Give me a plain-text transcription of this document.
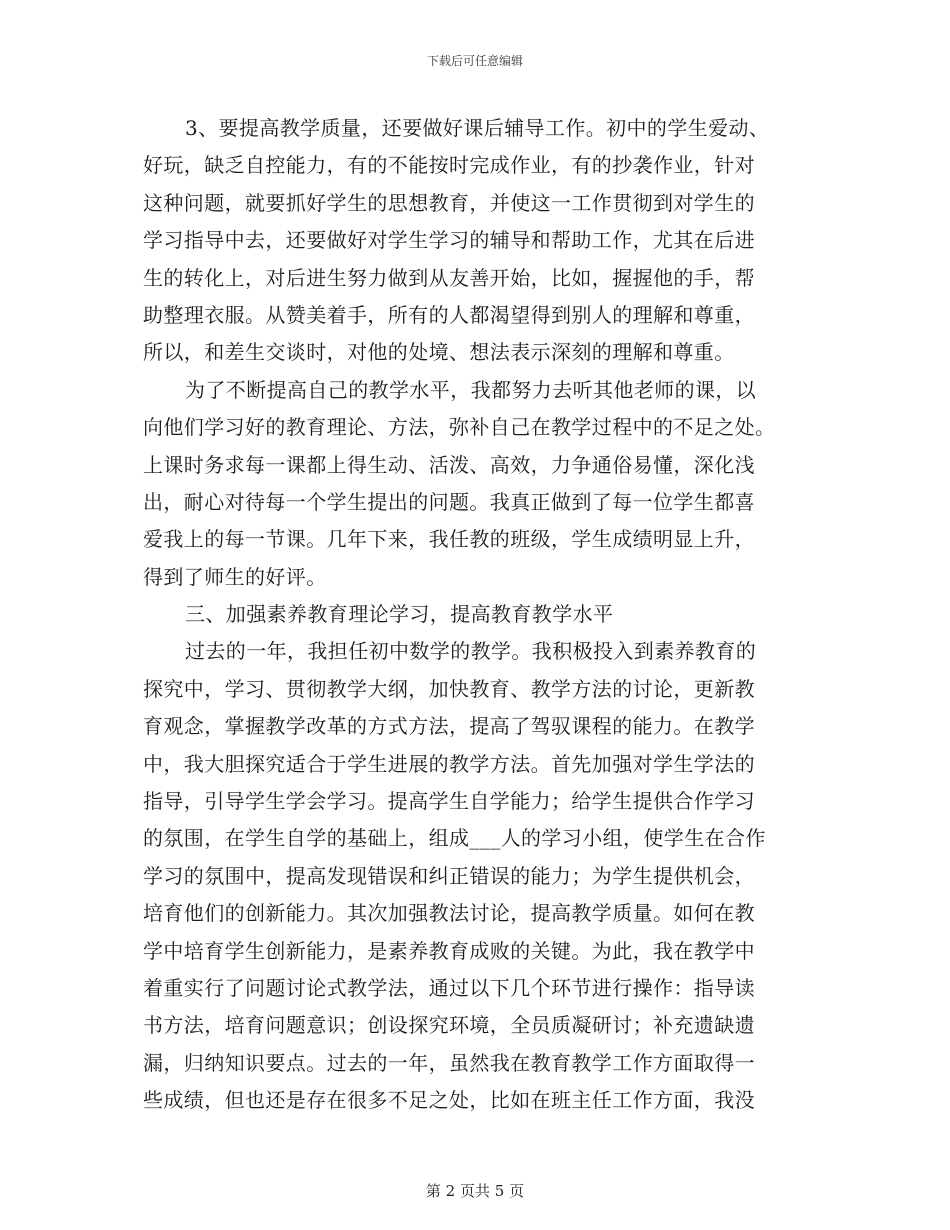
下载后可任意编辑
3、要提高教学质量，还要做好课后辅导工作。初中的学生爱动、
好玩，缺乏自控能力，有的不能按时完成作业，有的抄袭作业，针对
这种问题，就要抓好学生的思想教育，并使这一工作贯彻到对学生的
学习指导中去，还要做好对学生学习的辅导和帮助工作，尤其在后进
生的转化上，对后进生努力做到从友善开始，比如，握握他的手，帮
助整理衣服。从赞美着手，所有的人都渴望得到别人的理解和尊重，
所以，和差生交谈时，对他的处境、想法表示深刻的理解和尊重。
为了不断提高自己的教学水平，我都努力去听其他老师的课，以
向他们学习好的教育理论、方法，弥补自己在教学过程中的不足之处。
上课时务求每一课都上得生动、活泼、高效，力争通俗易懂，深化浅
出，耐心对待每一个学生提出的问题。我真正做到了每一位学生都喜
爱我上的每一节课。几年下来，我任教的班级，学生成绩明显上升，
得到了师生的好评。
三、加强素养教育理论学习，提高教育教学水平
过去的一年，我担任初中数学的教学。我积极投入到素养教育的
探究中，学习、贯彻教学大纲，加快教育、教学方法的讨论，更新教
育观念，掌握教学改革的方式方法，提高了驾驭课程的能力。在教学
中，我大胆探究适合于学生进展的教学方法。首先加强对学生学法的
指导，引导学生学会学习。提高学生自学能力；给学生提供合作学习
的氛围，在学生自学的基础上，组成___人的学习小组，使学生在合作
学习的氛围中，提高发现错误和纠正错误的能力；为学生提供机会，
培育他们的创新能力。其次加强教法讨论，提高教学质量。如何在教
学中培育学生创新能力，是素养教育成败的关键。为此，我在教学中
着重实行了问题讨论式教学法，通过以下几个环节进行操作：指导读
书方法，培育问题意识；创设探究环境，全员质凝研讨；补充遗缺遗
漏，归纳知识要点。过去的一年，虽然我在教育教学工作方面取得一
些成绩，但也还是存在很多不足之处，比如在班主任工作方面，我没
第 2 页共 5 页
